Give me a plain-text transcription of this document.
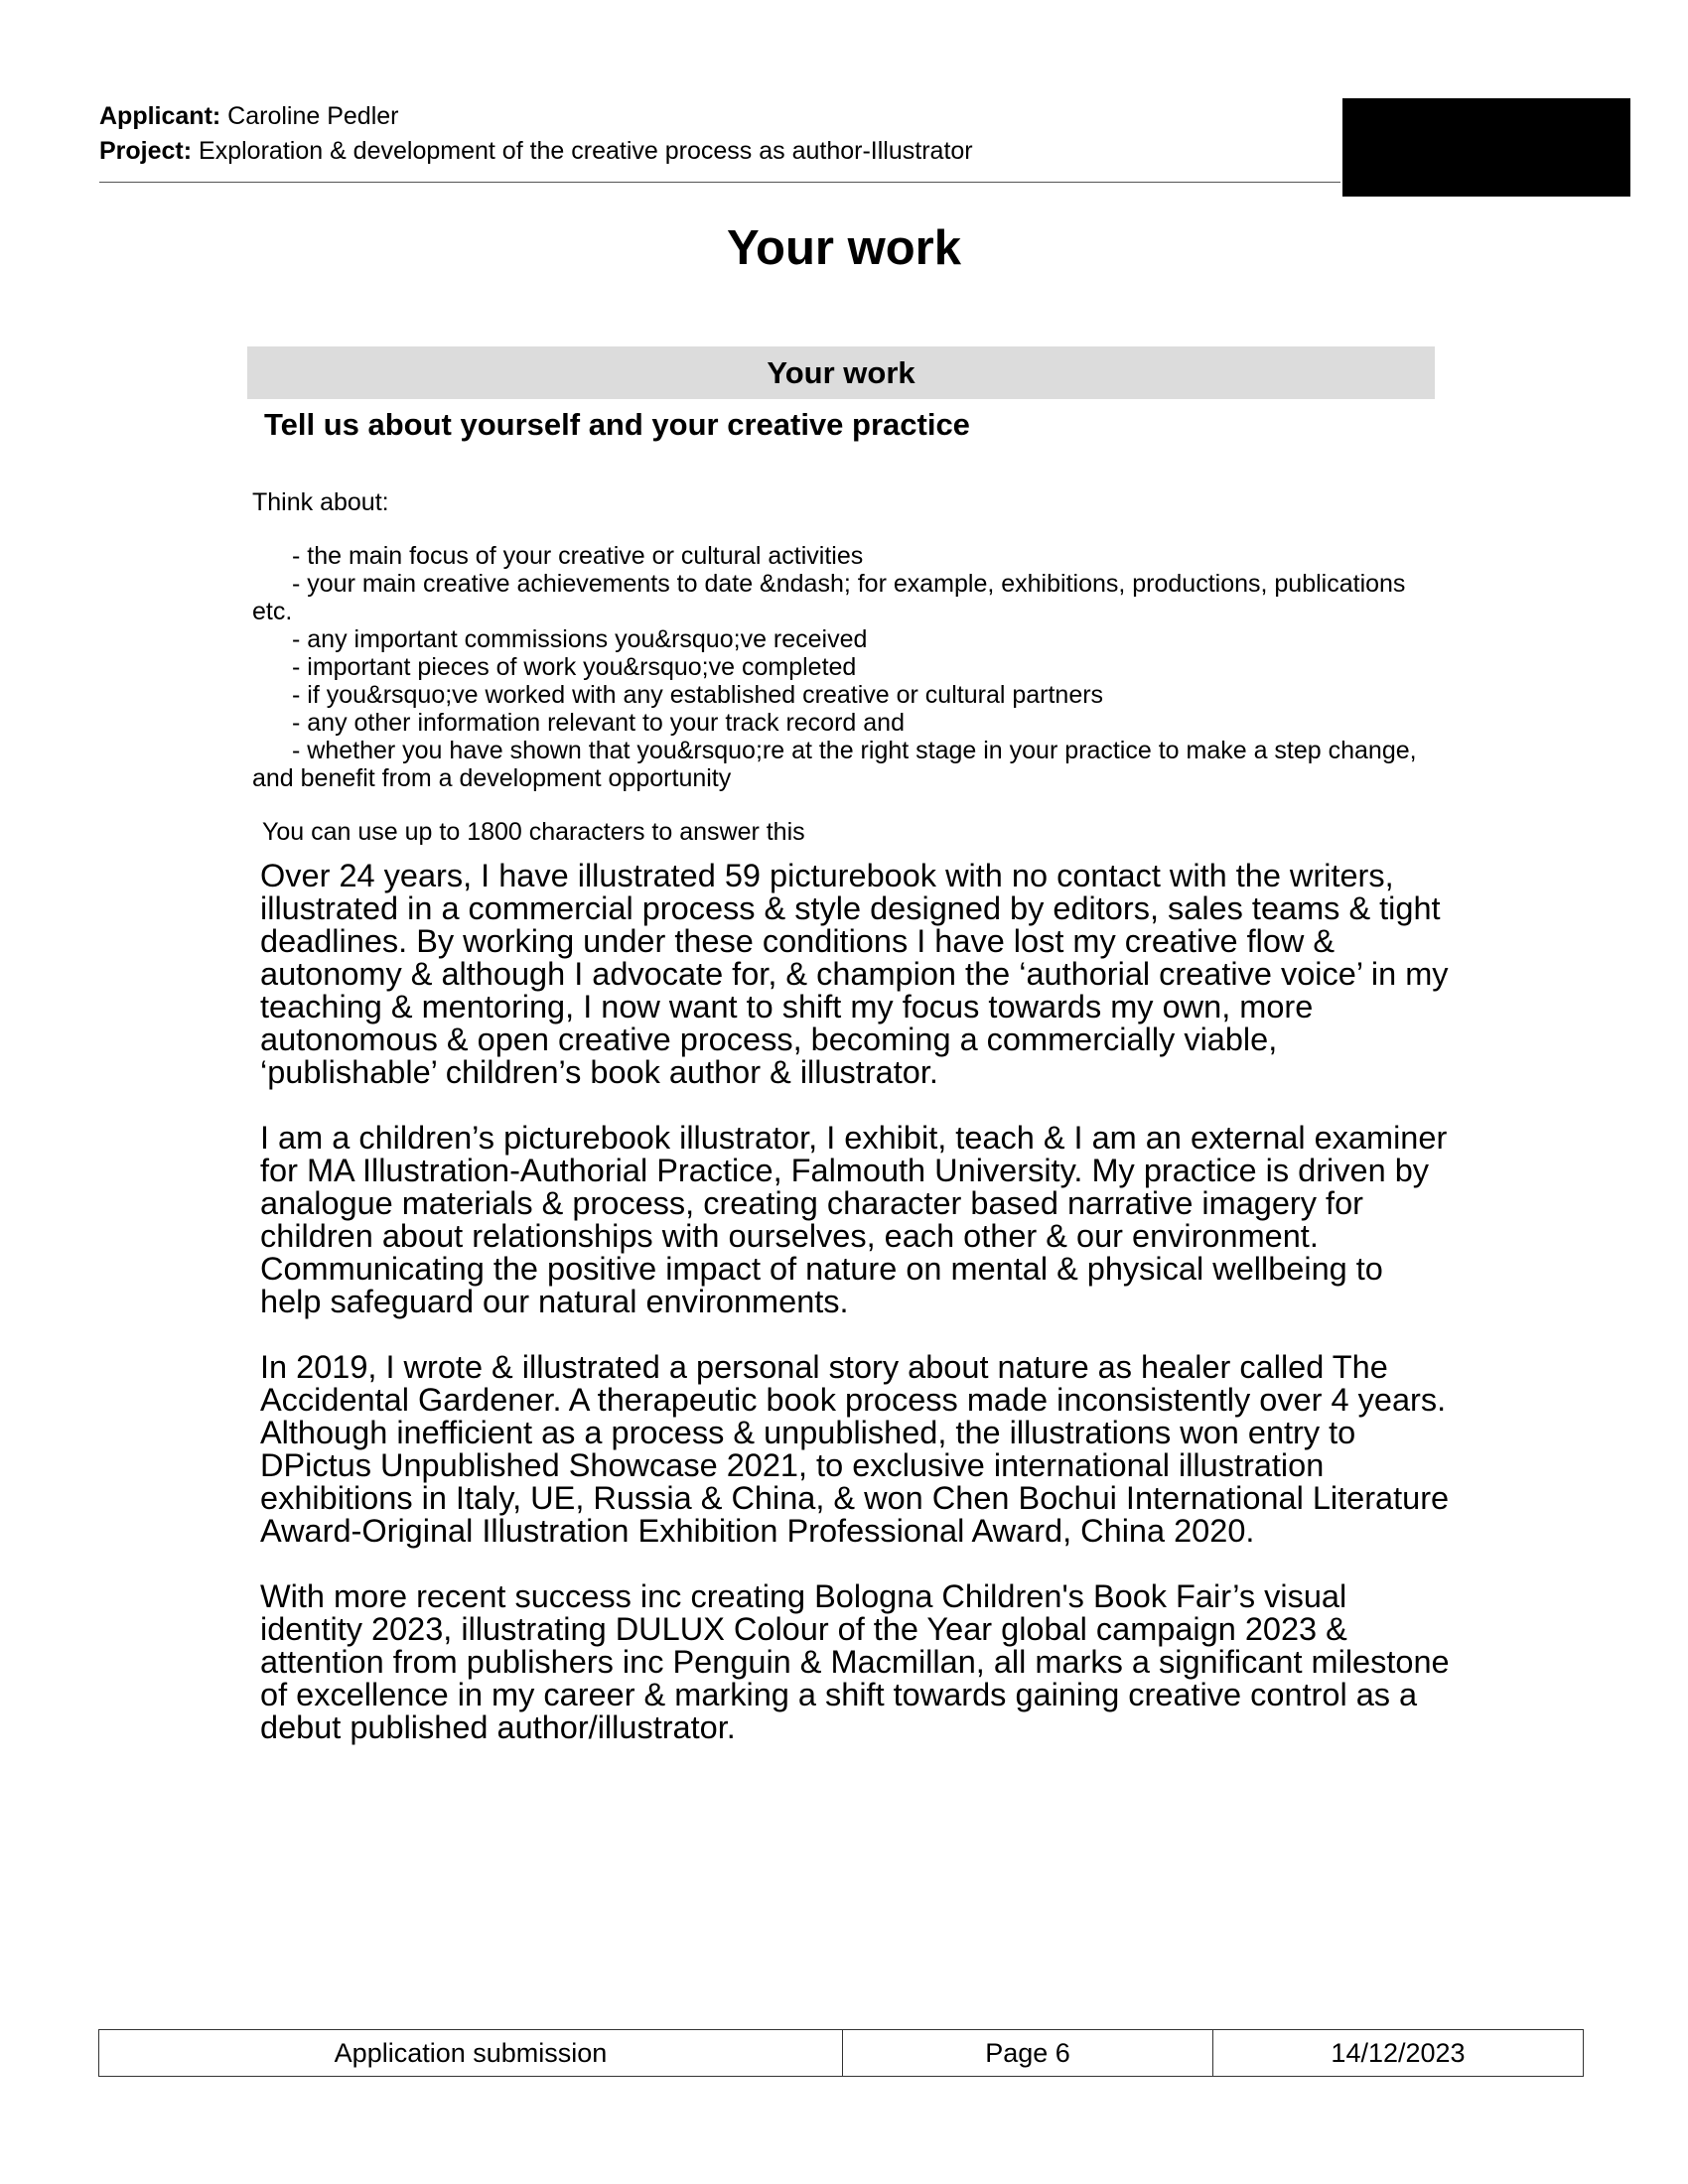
Applicant: Caroline Pedler
Project: Exploration & development of the creative process as author-Illustrator
Your work
Your work
Tell us about yourself and your creative practice

Think about:

- the main focus of your creative or cultural activities
- your main creative achievements to date &ndash; for example, exhibitions, productions, publications etc.
- any important commissions you&rsquo;ve received
- important pieces of work you&rsquo;ve completed
- if you&rsquo;ve worked with any established creative or cultural partners
- any other information relevant to your track record and
- whether you have shown that you&rsquo;re at the right stage in your practice to make a step change, and benefit from a development opportunity

You can use up to 1800 characters to answer this

Over 24 years, I have illustrated 59 picturebook with no contact with the writers, illustrated in a commercial process & style designed by editors, sales teams & tight deadlines. By working under these conditions I have lost my creative flow & autonomy & although I advocate for, & champion the ‘authorial creative voice’ in my teaching & mentoring, I now want to shift my focus towards my own, more autonomous & open creative process, becoming a commercially viable, ‘publishable’ children’s book author & illustrator.

I am a children’s picturebook illustrator, I exhibit, teach & I am an external examiner for MA Illustration-Authorial Practice, Falmouth University. My practice is driven by analogue materials & process, creating character based narrative imagery for children about relationships with ourselves, each other & our environment. Communicating the positive impact of nature on mental & physical wellbeing to help safeguard our natural environments.

In 2019, I wrote & illustrated a personal story about nature as healer called The Accidental Gardener. A therapeutic book process made inconsistently over 4 years. Although inefficient as a process & unpublished, the illustrations won entry to DPictus Unpublished Showcase 2021, to exclusive international illustration exhibitions in Italy, UE, Russia & China, & won Chen Bochui International Literature Award-Original Illustration Exhibition Professional Award, China 2020.

With more recent success inc creating Bologna Children's Book Fair’s visual identity 2023, illustrating DULUX Colour of the Year global campaign 2023 & attention from publishers inc Penguin & Macmillan, all marks a significant milestone of excellence in my career & marking a shift towards gaining creative control as a debut published author/illustrator.

Application submission	Page 6	14/12/2023
